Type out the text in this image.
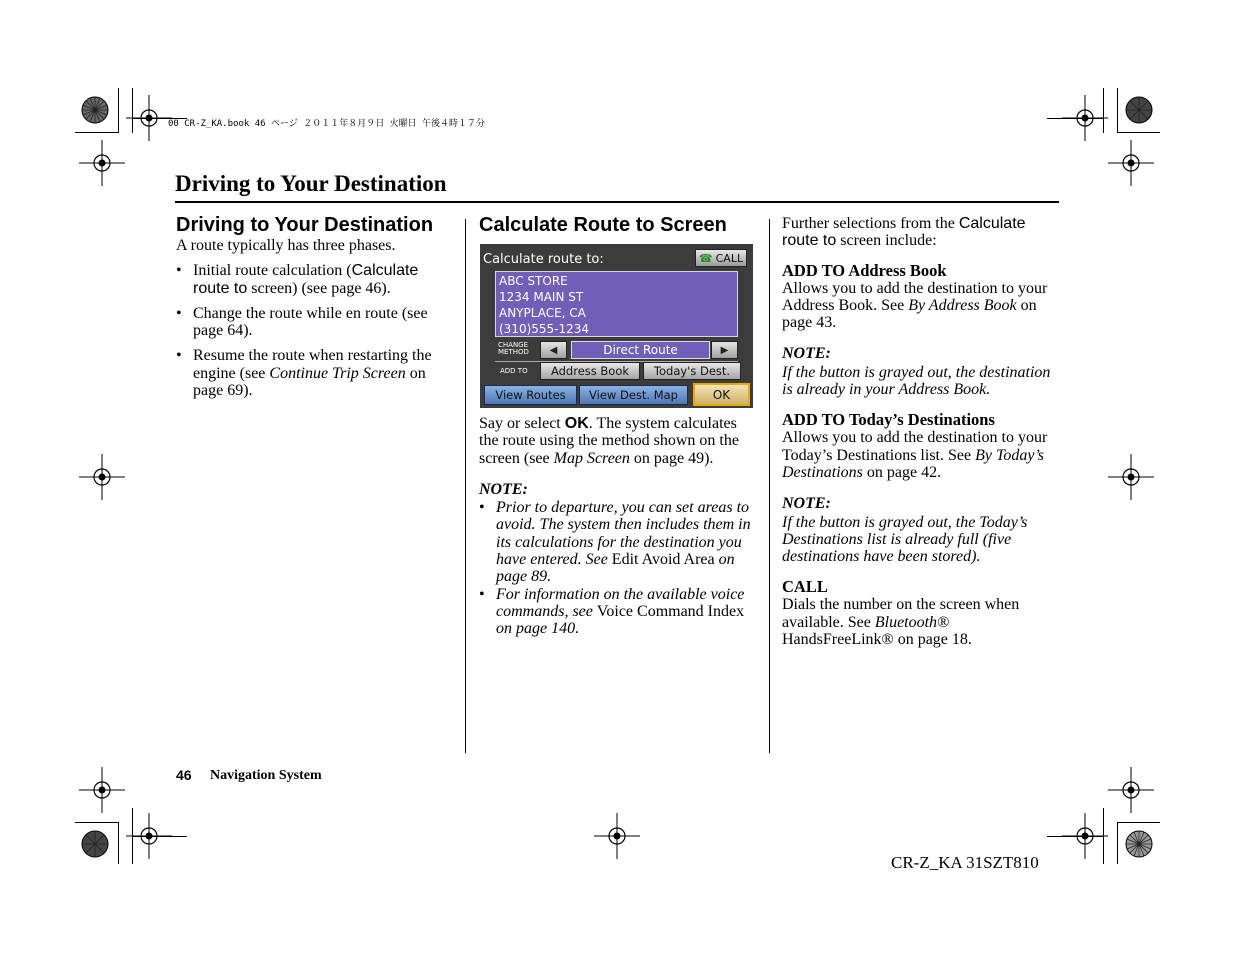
00 CR-Z_KA.book 46 ページ ２０１１年８月９日 火曜日 午後４時１７分
Driving to Your Destination
Driving to Your Destination
A route typically has three phases.
• Initial route calculation (Calculate route to screen) (see page 46).
• Change the route while en route (see page 64).
• Resume the route when restarting the engine (see Continue Trip Screen on page 69).
Calculate Route to Screen
Calculate route to:	☎ CALL
ABC STORE
1234 MAIN ST
ANYPLACE, CA
(310)555-1234
CHANGE
METHOD ◀	Direct Route	▶
ADD TO	Address Book	Today's Dest.
View Routes	View Dest. Map	OK
Say or select OK. The system calculates the route using the method shown on the screen (see Map Screen on page 49).
NOTE:
• Prior to departure, you can set areas to avoid. The system then includes them in its calculations for the destination you have entered. See Edit Avoid Area on page 89.
• For information on the available voice commands, see Voice Command Index on page 140.
Further selections from the Calculate route to screen include:
ADD TO Address Book
Allows you to add the destination to your Address Book. See By Address Book on page 43.
NOTE:
If the button is grayed out, the destination is already in your Address Book.
ADD TO Today’s Destinations
Allows you to add the destination to your Today’s Destinations list. See By Today’s Destinations on page 42.
NOTE:
If the button is grayed out, the Today’s Destinations list is already full (five destinations have been stored).
CALL
Dials the number on the screen when available. See Bluetooth® HandsFreeLink® on page 18.
46 Navigation System
CR-Z_KA 31SZT810
